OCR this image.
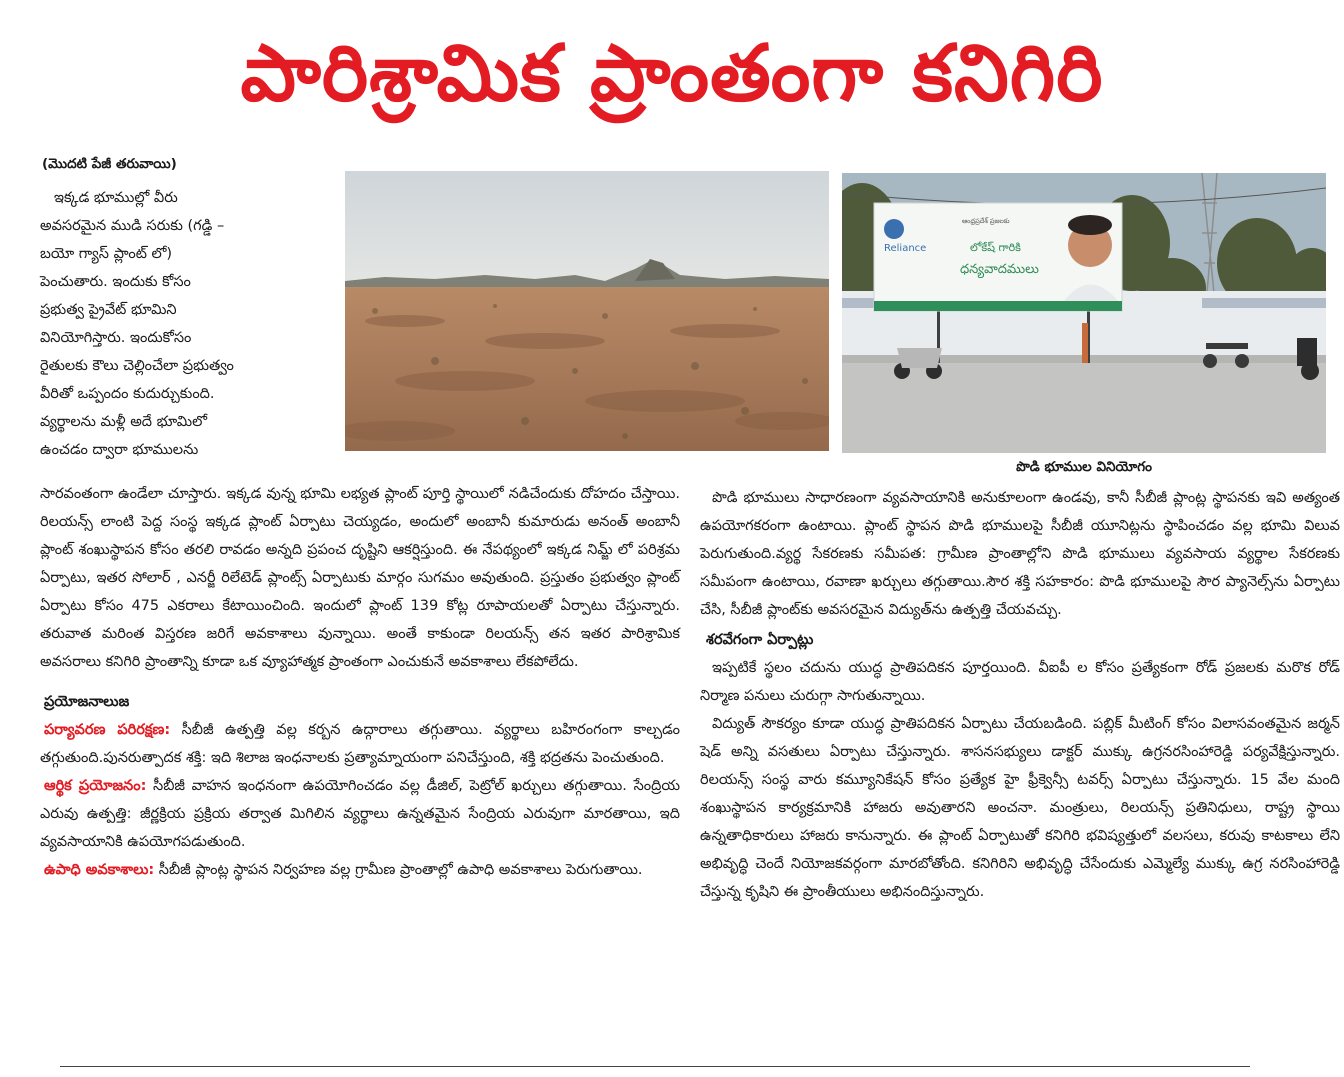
పారిశ్రామిక ప్రాంతంగా కనిగిరి
(మొదటి పేజీ తరువాయి)

ఇక్కడ భూముల్లో వీరు

అవసరమైన ముడి సరుకు (గడ్డి –

బయో గ్యాస్ ప్లాంట్ లో)

పెంచుతారు. ఇందుకు కోసం

ప్రభుత్వ ప్రైవేట్ భూమిని

వినియోగిస్తారు. ఇందుకోసం

రైతులకు కౌలు చెల్లించేలా ప్రభుత్వం

వీరితో ఒప్పందం కుదుర్చుకుంది.

వ్యర్థాలను మళ్లీ అదే భూమిలో

ఉంచడం ద్వారా భూములను

Reliance
ఆంధ్రప్రదేశ్ ప్రజలకు
లోకేష్ గారికి
ధన్యవాదములు
పొడి భూముల వినియోగం

సారవంతంగా ఉండేలా చూస్తారు. ఇక్కడ వున్న భూమి లభ్యత ప్లాంట్ పూర్తి స్థాయిలో నడిచేందుకు దోహదం చేస్తాయి. రిలయన్స్ లాంటి పెద్ద సంస్థ ఇక్కడ ప్లాంట్ ఏర్పాటు చెయ్యడం, అందులో అంబానీ కుమారుడు అనంత్ అంబానీ ప్లాంట్ శంఖుస్థాపన కోసం తరలి రావడం అన్నది ప్రపంచ దృష్టిని ఆకర్షిస్తుంది. ఈ నేపథ్యంలో ఇక్కడ నిమ్జ్ లో పరిశ్రమ ఏర్పాటు, ఇతర సోలార్ , ఎనర్జీ రిలేటెడ్ ప్లాంట్స్ ఏర్పాటుకు మార్గం సుగమం అవుతుంది. ప్రస్తుతం ప్రభుత్వం ప్లాంట్ ఏర్పాటు కోసం 475 ఎకరాలు కేటాయించింది. ఇందులో ప్లాంట్ 139 కోట్ల రూపాయలతో ఏర్పాటు చేస్తున్నారు. తరువాత మరింత విస్తరణ జరిగే అవకాశాలు వున్నాయి. అంతే కాకుండా రిలయన్స్ తన ఇతర పారిశ్రామిక అవసరాలు కనిగిరి ప్రాంతాన్ని కూడా ఒక వ్యూహాత్మక ప్రాంతంగా ఎంచుకునే అవకాశాలు లేకపోలేదు.

ప్రయోజనాలుజ

పర్యావరణ పరిరక్షణ: సీబీజీ ఉత్పత్తి వల్ల కర్బన ఉద్గారాలు తగ్గుతాయి. వ్యర్థాలు బహిరంగంగా కాల్చడం తగ్గుతుంది.పునరుత్పాదక శక్తి: ఇది శిలాజ ఇంధనాలకు ప్రత్యామ్నాయంగా పనిచేస్తుంది, శక్తి భద్రతను పెంచుతుంది.

ఆర్థిక ప్రయోజనం: సీబీజీ వాహన ఇంధనంగా ఉపయోగించడం వల్ల డీజిల్, పెట్రోల్ ఖర్చులు తగ్గుతాయి. సేంద్రియ ఎరువు ఉత్పత్తి: జీర్ణక్రియ ప్రక్రియ తర్వాత మిగిలిన వ్యర్థాలు ఉన్నతమైన సేంద్రియ ఎరువుగా మారతాయి, ఇది వ్యవసాయానికి ఉపయోగపడుతుంది.

ఉపాధి అవకాశాలు: సీబీజీ ప్లాంట్ల స్థాపన నిర్వహణ వల్ల గ్రామీణ ప్రాంతాల్లో ఉపాధి అవకాశాలు పెరుగుతాయి.

పొడి భూములు సాధారణంగా వ్యవసాయానికి అనుకూలంగా ఉండవు, కానీ సీబీజీ ప్లాంట్ల స్థాపనకు ఇవి అత్యంత ఉపయోగకరంగా ఉంటాయి. ప్లాంట్ స్థాపన పొడి భూములపై సీబీజీ యూనిట్లను స్థాపించడం వల్ల భూమి విలువ పెరుగుతుంది.వ్యర్థ సేకరణకు సమీపత: గ్రామీణ ప్రాంతాల్లోని పొడి భూములు వ్యవసాయ వ్యర్థాల సేకరణకు సమీపంగా ఉంటాయి, రవాణా ఖర్చులు తగ్గుతాయి.సౌర శక్తి సహకారం: పొడి భూములపై సౌర ప్యానెల్స్‌ను ఏర్పాటు చేసి, సీబీజీ ప్లాంట్‌కు అవసరమైన విద్యుత్‌ను ఉత్పత్తి చేయవచ్చు.

శరవేగంగా ఏర్పాట్లు

ఇప్పటికే స్థలం చదును యుద్ధ ప్రాతిపదికన పూర్తయింది. వీఐపీ ల కోసం ప్రత్యేకంగా రోడ్ ప్రజలకు మరొక రోడ్ నిర్మాణ పనులు చురుగ్గా సాగుతున్నాయి.

విద్యుత్ సౌకర్యం కూడా యుద్ధ ప్రాతిపదికన ఏర్పాటు చేయబడింది. పబ్లిక్ మీటింగ్ కోసం విలాసవంతమైన జర్మన్ షెడ్ అన్ని వసతులు ఏర్పాటు చేస్తున్నారు. శాసనసభ్యులు డాక్టర్ ముక్కు ఉగ్రనరసింహారెడ్డి పర్యవేక్షిస్తున్నారు. రిలయన్స్ సంస్థ వారు కమ్యూనికేషన్ కోసం ప్రత్యేక హై ఫ్రీక్వెన్సీ టవర్స్ ఏర్పాటు చేస్తున్నారు. 15 వేల మంది శంఖుస్థాపన కార్యక్రమానికి హాజరు అవుతారని అంచనా. మంత్రులు, రిలయన్స్ ప్రతినిధులు, రాష్ట్ర స్థాయి ఉన్నతాధికారులు హాజరు కానున్నారు. ఈ ప్లాంట్ ఏర్పాటుతో కనిగిరి భవిష్యత్తులో వలసలు, కరువు కాటకాలు లేని అభివృద్ధి చెందే నియోజకవర్గంగా మారబోతోంది. కనిగిరిని అభివృద్ధి చేసేందుకు ఎమ్మెల్యే ముక్కు ఉగ్ర నరసింహారెడ్డి చేస్తున్న కృషిని ఈ ప్రాంతీయులు అభినందిస్తున్నారు.
